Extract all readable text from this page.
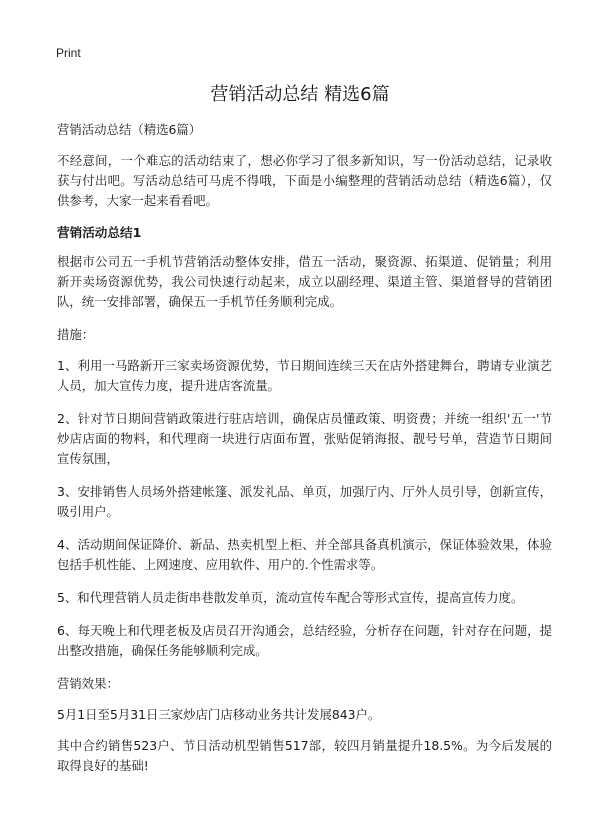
Print
营销活动总结 精选6篇

营销活动总结（精选6篇）

不经意间，一个难忘的活动结束了，想必你学习了很多新知识，写一份活动总结，记录收获与付出吧。写活动总结可马虎不得哦，下面是小编整理的营销活动总结（精选6篇），仅供参考，大家一起来看看吧。

营销活动总结1

根据市公司五一手机节营销活动整体安排，借五一活动，聚资源、拓渠道、促销量；利用新开卖场资源优势，我公司快速行动起来，成立以副经理、渠道主管、渠道督导的营销团队，统一安排部署，确保五一手机节任务顺利完成。

措施：

1、利用一马路新开三家卖场资源优势，节日期间连续三天在店外搭建舞台，聘请专业演艺人员，加大宣传力度，提升进店客流量。

2、针对节日期间营销政策进行驻店培训，确保店员懂政策、明资费；并统一组织'五一'节炒店店面的物料，和代理商一块进行店面布置，张贴促销海报、靓号号单，营造节日期间宣传氛围，

3、安排销售人员场外搭建帐篷、派发礼品、单页，加强厅内、厅外人员引导，创新宣传，吸引用户。

4、活动期间保证降价、新品、热卖机型上柜、并全部具备真机演示，保证体验效果，体验包括手机性能、上网速度、应用软件、用户的.个性需求等。

5、和代理营销人员走街串巷散发单页，流动宣传车配合等形式宣传，提高宣传力度。

6、每天晚上和代理老板及店员召开沟通会，总结经验，分析存在问题，针对存在问题，提出整改措施，确保任务能够顺利完成。

营销效果：

5月1日至5月31日三家炒店门店移动业务共计发展843户。

其中合约销售523户、节日活动机型销售517部，较四月销量提升18.5%。为今后发展的取得良好的基础!
